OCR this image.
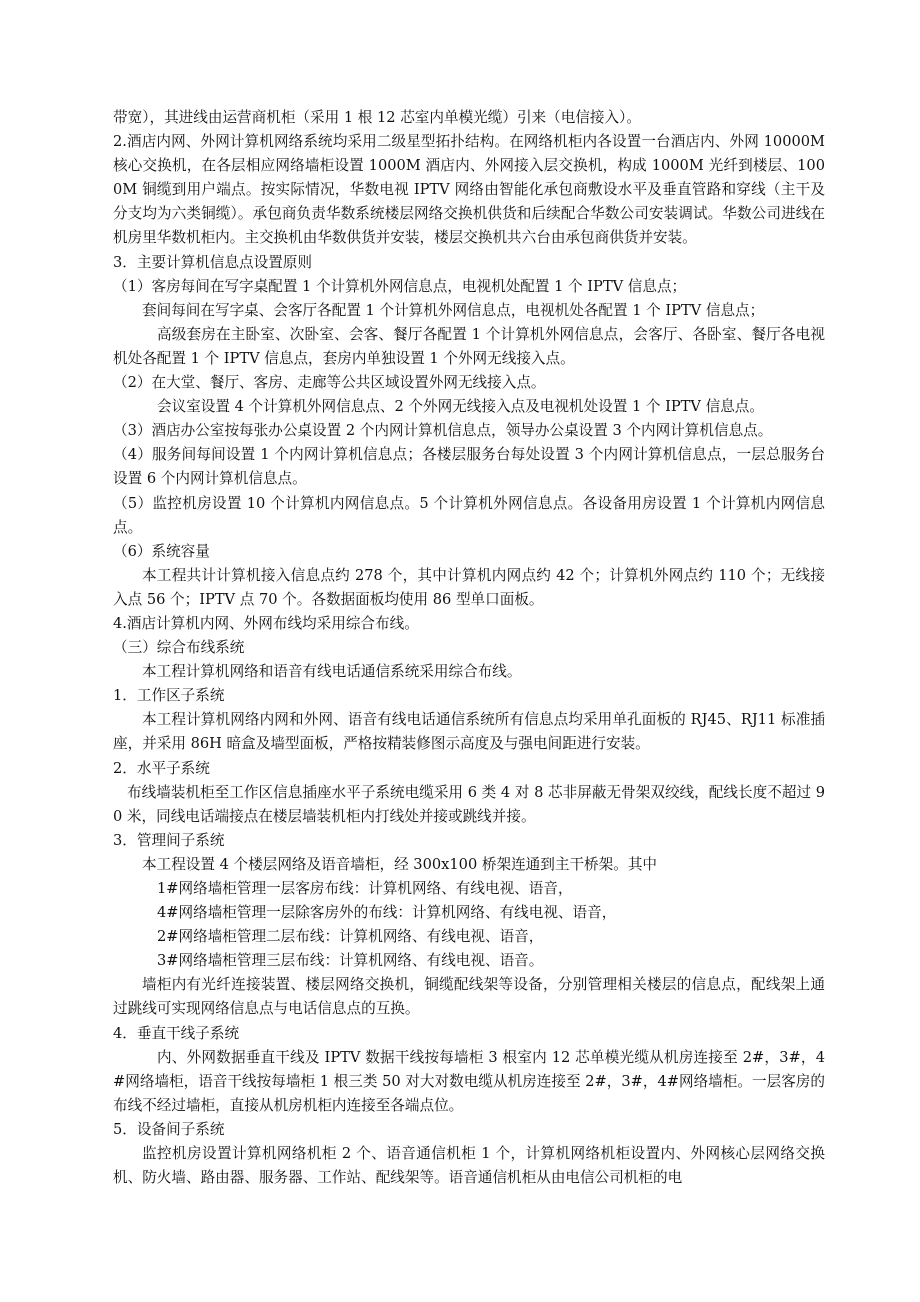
带宽），其进线由运营商机柜（采用 1 根 12 芯室内单模光缆）引来（电信接入）。

2.酒店内网、外网计算机网络系统均采用二级星型拓扑结构。在网络机柜内各设置一台酒店内、外网 10000M 核心交换机，在各层相应网络墙柜设置 1000M 酒店内、外网接入层交换机，构成 1000M 光纤到楼层、1000M 铜缆到用户端点。按实际情况，华数电视 IPTV 网络由智能化承包商敷设水平及垂直管路和穿线（主干及分支均为六类铜缆）。承包商负责华数系统楼层网络交换机供货和后续配合华数公司安装调试。华数公司进线在机房里华数机柜内。主交换机由华数供货并安装，楼层交换机共六台由承包商供货并安装。

3．主要计算机信息点设置原则

（1）客房每间在写字桌配置 1 个计算机外网信息点，电视机处配置 1 个 IPTV 信息点；

套间每间在写字桌、会客厅各配置 1 个计算机外网信息点，电视机处各配置 1 个 IPTV 信息点；

高级套房在主卧室、次卧室、会客、餐厅各配置 1 个计算机外网信息点，会客厅、各卧室、餐厅各电视机处各配置 1 个 IPTV 信息点，套房内单独设置 1 个外网无线接入点。

（2）在大堂、餐厅、客房、走廊等公共区域设置外网无线接入点。

会议室设置 4 个计算机外网信息点、2 个外网无线接入点及电视机处设置 1 个 IPTV 信息点。

（3）酒店办公室按每张办公桌设置 2 个内网计算机信息点，领导办公桌设置 3 个内网计算机信息点。

（4）服务间每间设置 1 个内网计算机信息点；各楼层服务台每处设置 3 个内网计算机信息点，一层总服务台设置 6 个内网计算机信息点。

（5）监控机房设置 10 个计算机内网信息点。5 个计算机外网信息点。各设备用房设置 1 个计算机内网信息点。

（6）系统容量

本工程共计计算机接入信息点约 278 个，其中计算机内网点约 42 个；计算机外网点约 110 个；无线接入点 56 个；IPTV 点 70 个。各数据面板均使用 86 型单口面板。

4.酒店计算机内网、外网布线均采用综合布线。

（三）综合布线系统

本工程计算机网络和语音有线电话通信系统采用综合布线。

1．工作区子系统

本工程计算机网络内网和外网、语音有线电话通信系统所有信息点均采用单孔面板的 RJ45、RJ11 标准插座，并采用 86H 暗盒及墙型面板，严格按精装修图示高度及与强电间距进行安装。

2．水平子系统

布线墙装机柜至工作区信息插座水平子系统电缆采用 6 类 4 对 8 芯非屏蔽无骨架双绞线，配线长度不超过 90 米，同线电话端接点在楼层墙装机柜内打线处并接或跳线并接。

3．管理间子系统

本工程设置 4 个楼层网络及语音墙柜，经 300x100 桥架连通到主干桥架。其中

1#网络墙柜管理一层客房布线：计算机网络、有线电视、语音，

4#网络墙柜管理一层除客房外的布线：计算机网络、有线电视、语音，

2#网络墙柜管理二层布线：计算机网络、有线电视、语音，

3#网络墙柜管理三层布线：计算机网络、有线电视、语音。

墙柜内有光纤连接装置、楼层网络交换机，铜缆配线架等设备，分别管理相关楼层的信息点，配线架上通过跳线可实现网络信息点与电话信息点的互换。

4．垂直干线子系统

内、外网数据垂直干线及 IPTV 数据干线按每墙柜 3 根室内 12 芯单模光缆从机房连接至 2#，3#，4#网络墙柜，语音干线按每墙柜 1 根三类 50 对大对数电缆从机房连接至 2#，3#，4#网络墙柜。一层客房的布线不经过墙柜，直接从机房机柜内连接至各端点位。

5．设备间子系统

监控机房设置计算机网络机柜 2 个、语音通信机柜 1 个，计算机网络机柜设置内、外网核心层网络交换机、防火墙、路由器、服务器、工作站、配线架等。语音通信机柜从由电信公司机柜的电
